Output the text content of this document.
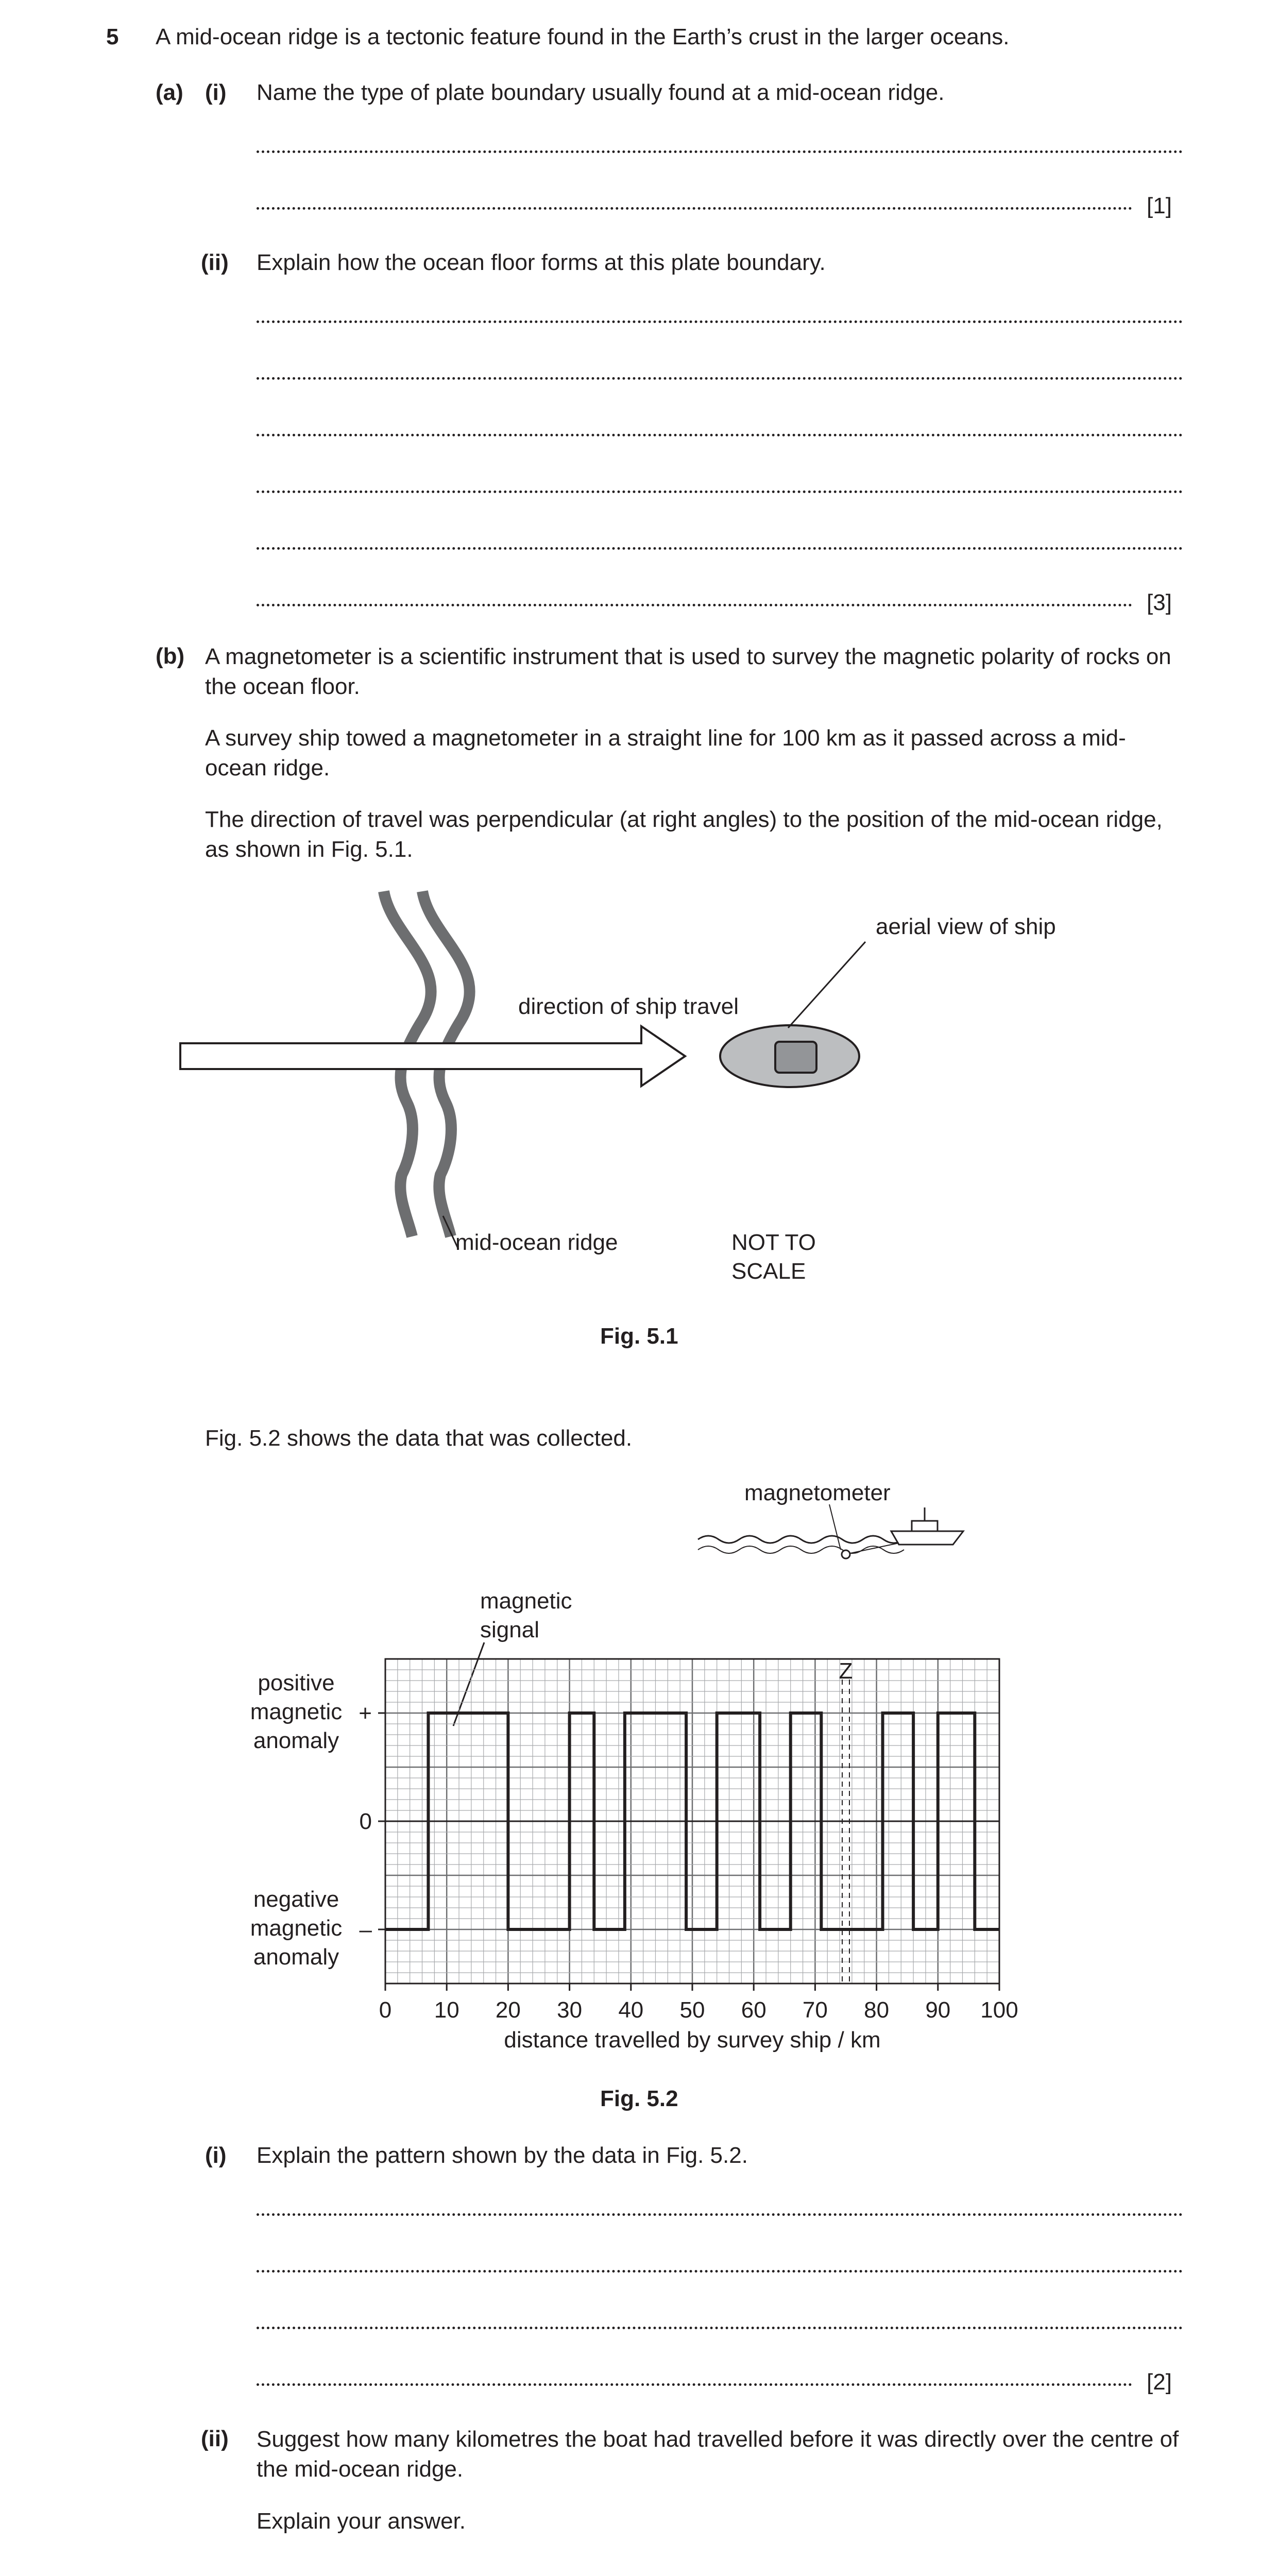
5 A mid-ocean ridge is a tectonic feature found in the Earth’s crust in the larger oceans.
(a) (i) Name the type of plate boundary usually found at a mid-ocean ridge.
[1]
(ii) Explain how the ocean floor forms at this plate boundary.
[3]
(b) A magnetometer is a scientific instrument that is used to survey the magnetic polarity of rocks on the ocean floor.
A survey ship towed a magnetometer in a straight line for 100 km as it passed across a mid-ocean ridge.
The direction of travel was perpendicular (at right angles) to the position of the mid-ocean ridge, as shown in Fig. 5.1.
direction of ship travel
aerial view of ship
mid-ocean ridge	NOT TO
SCALE
Fig. 5.1
Fig. 5.2 shows the data that was collected.
magnetometer
magnetic
signal
0 10 20 30 40 50 60 70 80 90 100
+
0
–
positive
magnetic
anomaly
negative
magnetic
anomaly
Z
distance travelled by survey ship / km
Fig. 5.2
(i) Explain the pattern shown by the data in Fig. 5.2.
[2]
(ii) Suggest how many kilometres the boat had travelled before it was directly over the centre of the mid-ocean ridge.
Explain your answer.
